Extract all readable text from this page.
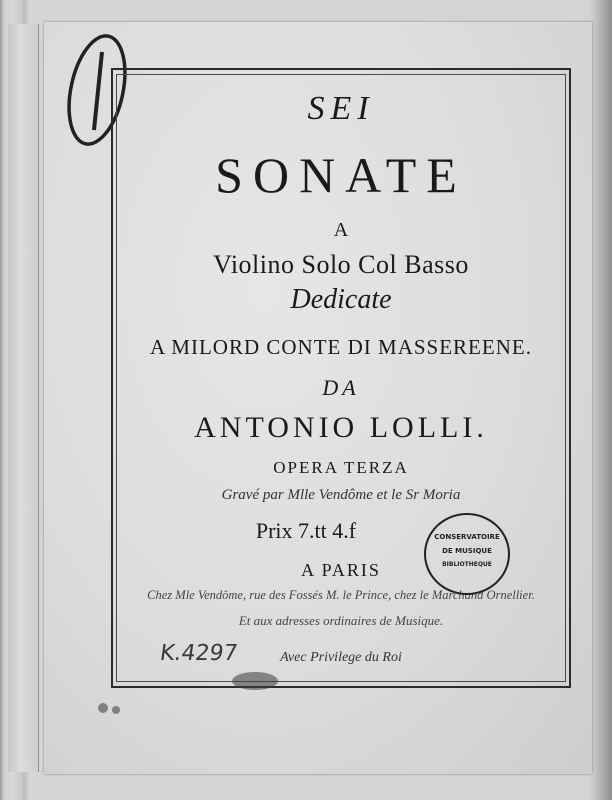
SEI
SONATE
A
Violino Solo Col Basso
Dedicate
A MILORD CONTE DI MASSEREENE.
DA
ANTONIO LOLLI.
OPERA TERZA
Gravé par Mlle Vendôme et le Sr Moria
Prix 7.tt 4.f
A PARIS
Chez Mle Vendôme, rue des Fossés M. le Prince, chez le Marchand Ornellier.
Et aux adresses ordinaires de Musique.
Avec Privilege du Roi
K.4297
CONSERVATOIRE
DE MUSIQUE
BIBLIOTHEQUE
